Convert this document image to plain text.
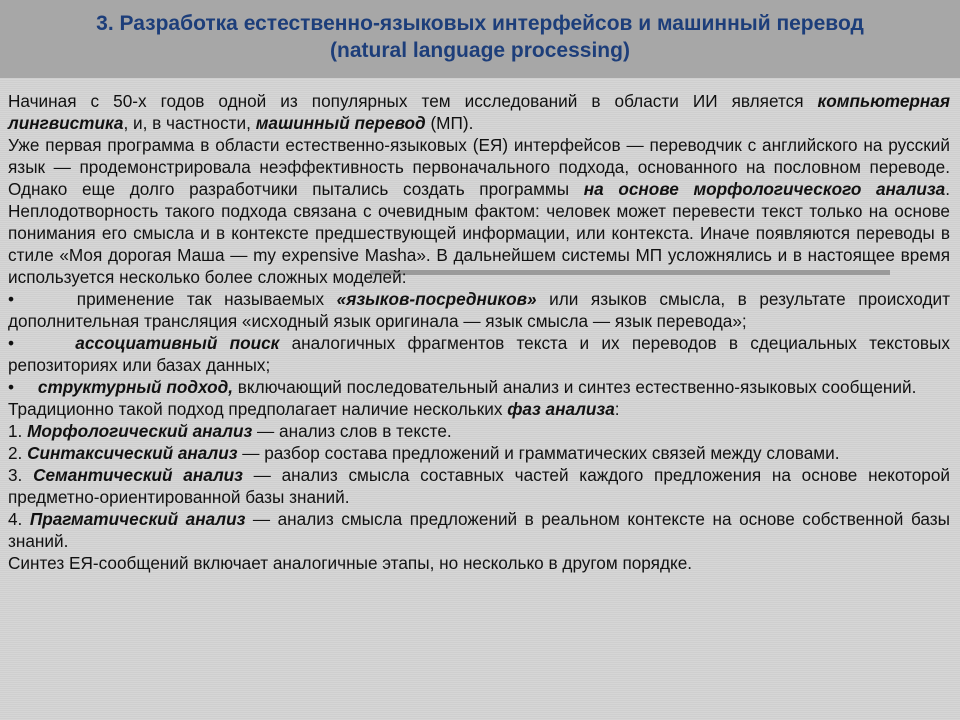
3. Разработка естественно-языковых интерфейсов и машинный перевод
(natural language processing)

Начиная с 50-х годов одной из популярных тем исследований в области ИИ является компьютерная лингвистика, и, в частности, машинный перевод (МП).

Уже первая программа в области естественно-языковых (ЕЯ) интерфейсов — переводчик с английского на русский язык — продемонстрировала неэффективность первоначального подхода, основанного на пословном переводе. Однако еще долго разработчики пытались создать программы на основе морфологического анализа. Неплодотворность такого подхода связана с очевидным фактом: человек может перевести текст только на основе понимания его смысла и в контексте предшествующей информации, или контекста. Иначе появляются переводы в стиле «Моя дорогая Маша — my expensive Masha». В дальнейшем системы МП усложнялись и в настоящее время используется несколько более сложных моделей:

•	применение так называемых «языков-посредников» или языков смысла, в результате происходит дополнительная трансляция «исходный язык оригинала — язык смысла — язык перевода»;

•	ассоциативный поиск аналогичных фрагментов текста и их переводов в сдециальных текстовых репозиториях или базах данных;

• структурный подход, включающий последовательный анализ и синтез естественно-языковых сообщений.

Традиционно такой подход предполагает наличие нескольких фаз анализа:

1. Морфологический анализ — анализ слов в тексте.

2. Синтаксический анализ — разбор состава предложений и грамматических связей между словами.

3. Семантический анализ — анализ смысла составных частей каждого предложения на основе некоторой предметно-ориентированной базы знаний.

4. Прагматический анализ — анализ смысла предложений в реальном контексте на основе собственной базы знаний.

Синтез ЕЯ-сообщений включает аналогичные этапы, но несколько в другом порядке.
